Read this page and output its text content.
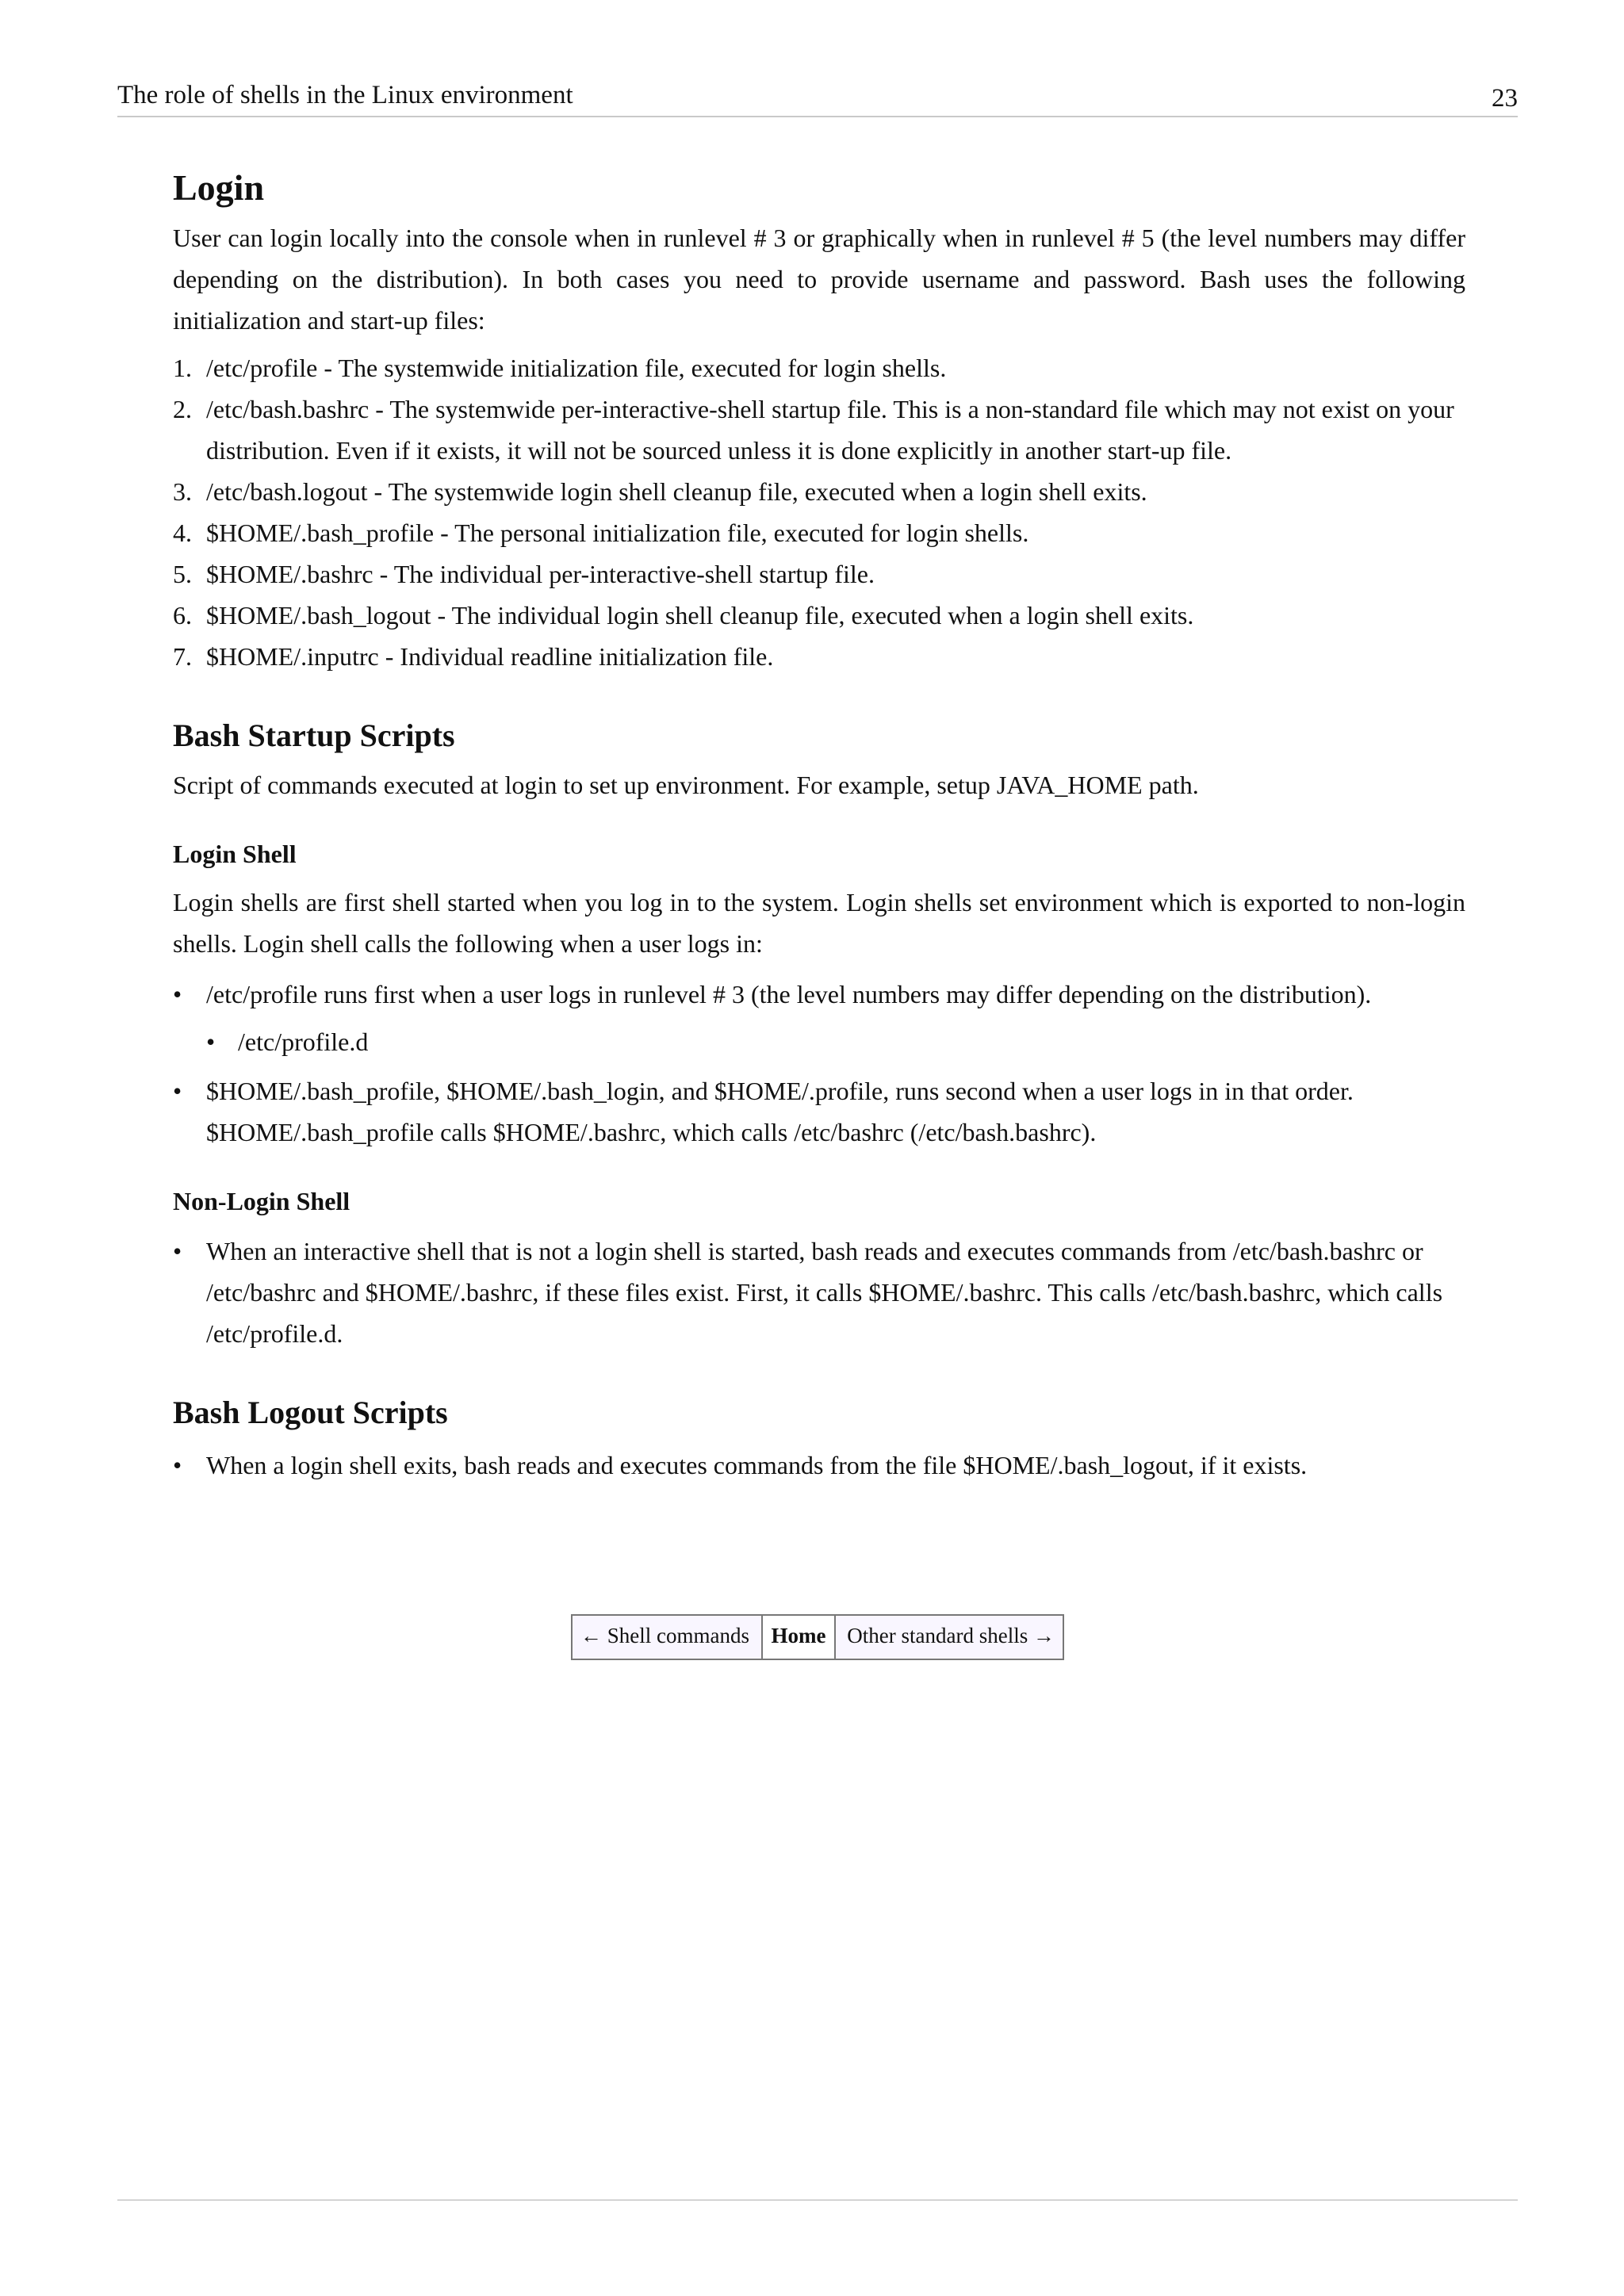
The role of shells in the Linux environment	23
Login

User can login locally into the console when in runlevel # 3 or graphically when in runlevel # 5 (the level numbers may differ depending on the distribution). In both cases you need to provide username and password. Bash uses the following initialization and start-up files:

1. /etc/profile - The systemwide initialization file, executed for login shells.
2. /etc/bash.bashrc - The systemwide per-interactive-shell startup file. This is a non-standard file which may not exist on your distribution. Even if it exists, it will not be sourced unless it is done explicitly in another start-up file.
3. /etc/bash.logout - The systemwide login shell cleanup file, executed when a login shell exits.
4. $HOME/.bash_profile - The personal initialization file, executed for login shells.
5. $HOME/.bashrc - The individual per-interactive-shell startup file.
6. $HOME/.bash_logout - The individual login shell cleanup file, executed when a login shell exits.
7. $HOME/.inputrc - Individual readline initialization file.
Bash Startup Scripts

Script of commands executed at login to set up environment. For example, setup JAVA_HOME path.

Login Shell

Login shells are first shell started when you log in to the system. Login shells set environment which is exported to non-login shells. Login shell calls the following when a user logs in:

• /etc/profile runs first when a user logs in runlevel # 3 (the level numbers may differ depending on the distribution).
• /etc/profile.d
• $HOME/.bash_profile, $HOME/.bash_login, and $HOME/.profile, runs second when a user logs in in that order. $HOME/.bash_profile calls $HOME/.bashrc, which calls /etc/bashrc (/etc/bash.bashrc).
Non-Login Shell
• When an interactive shell that is not a login shell is started, bash reads and executes commands from /etc/bash.bashrc or /etc/bashrc and $HOME/.bashrc, if these files exist. First, it calls $HOME/.bashrc. This calls /etc/bash.bashrc, which calls /etc/profile.d.
Bash Logout Scripts
• When a login shell exits, bash reads and executes commands from the file $HOME/.bash_logout, if it exists.
← Shell commands	Home	Other standard shells →
